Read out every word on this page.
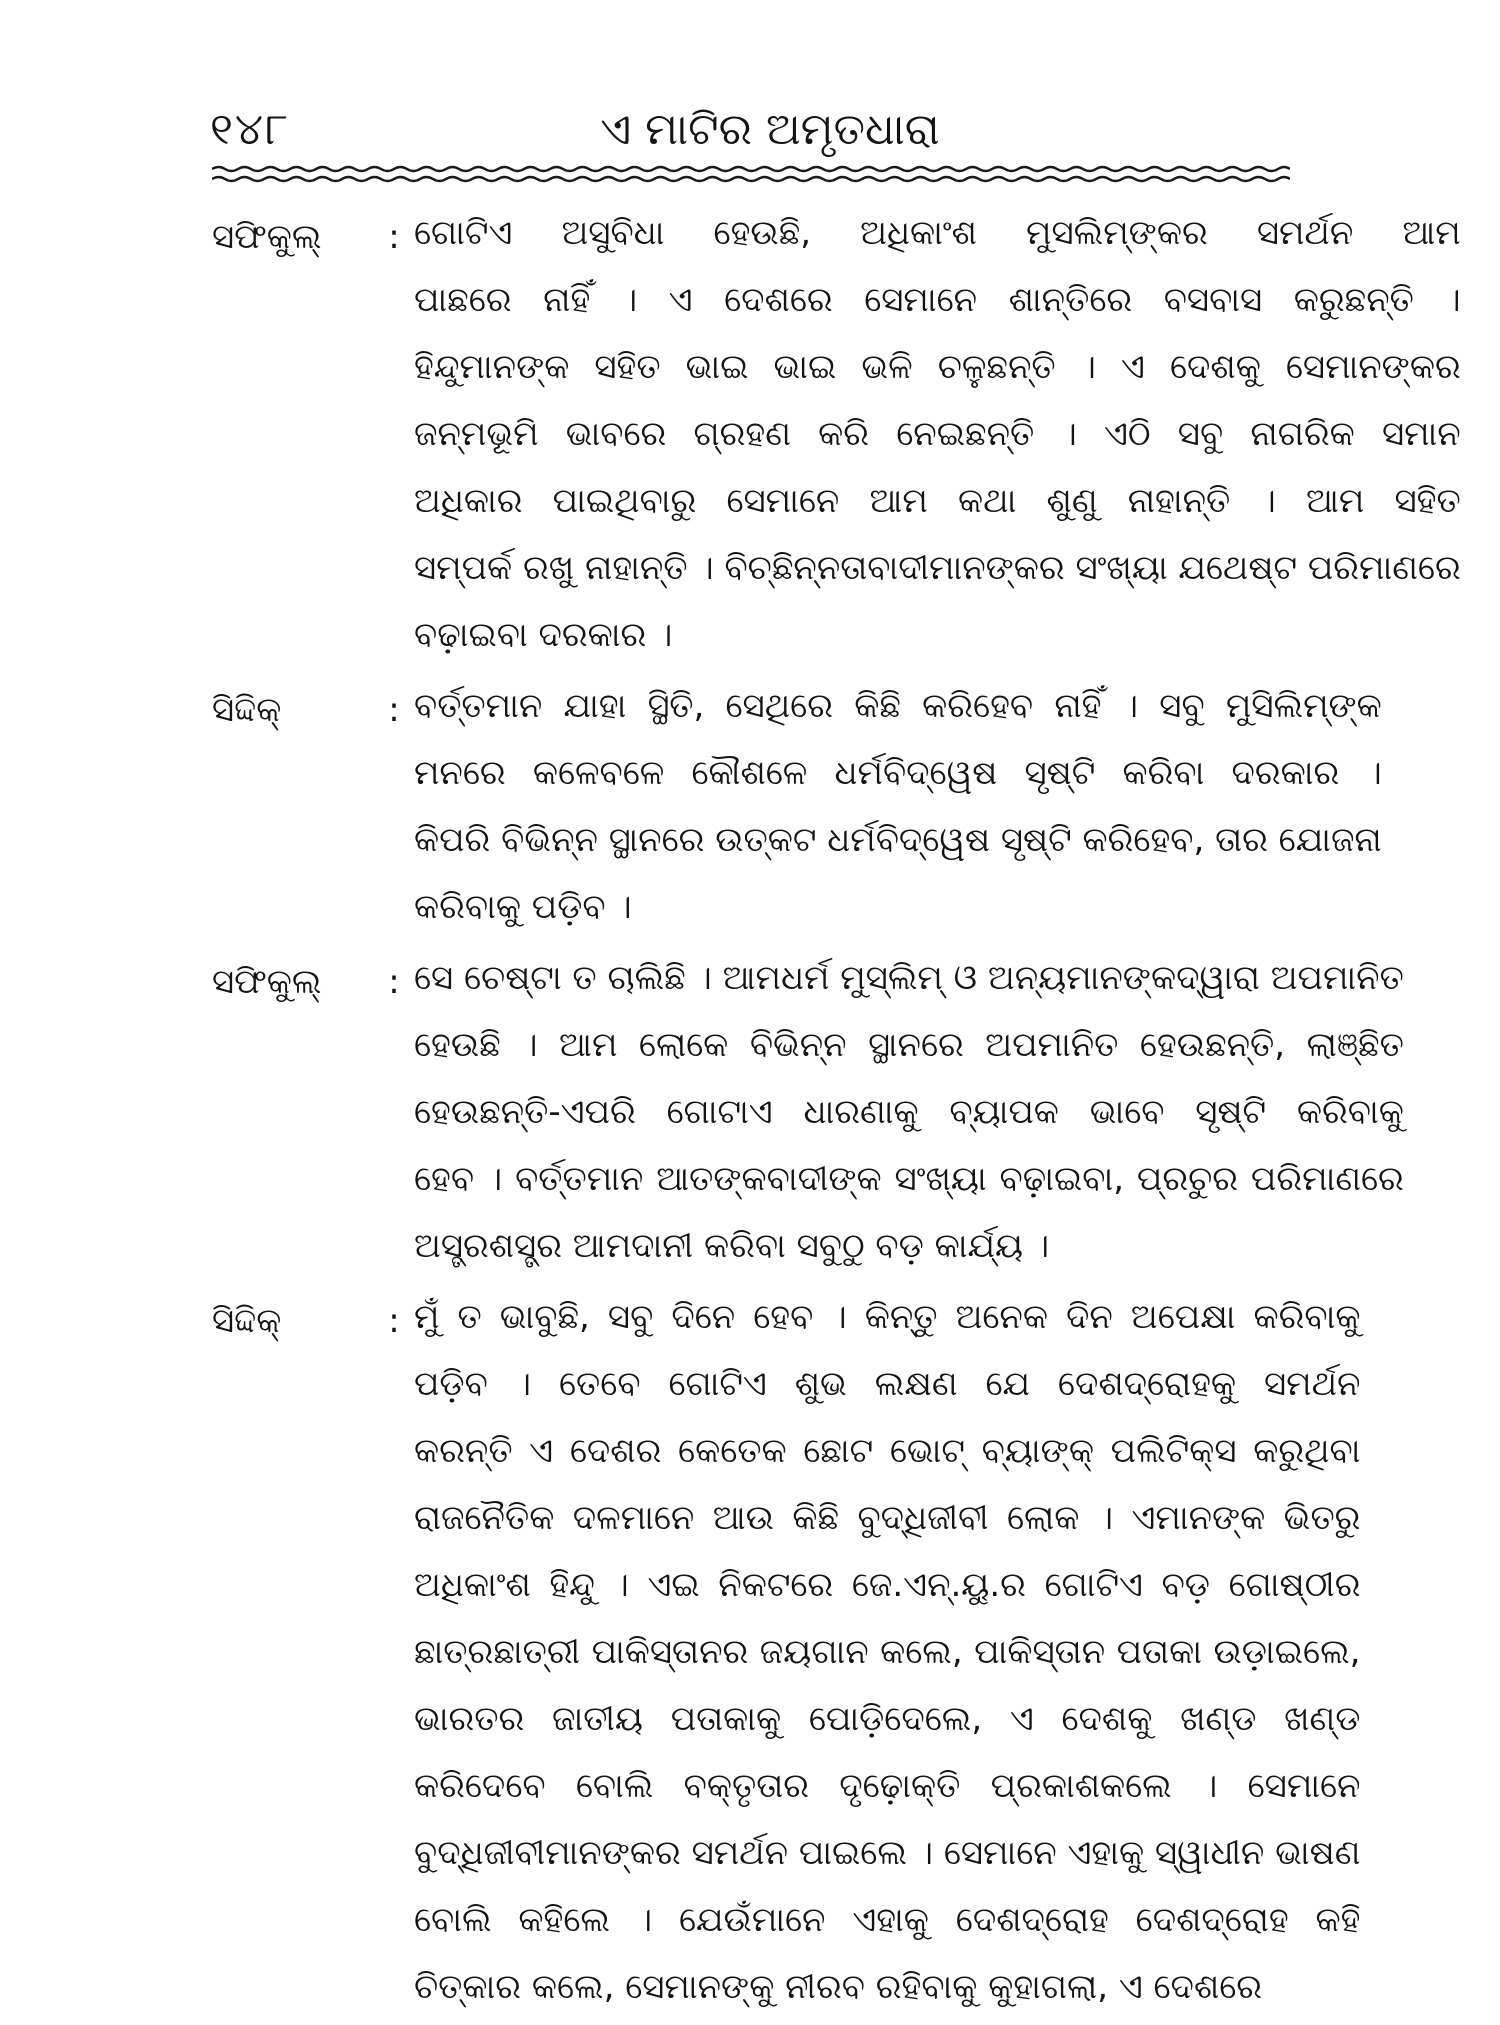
୧୪୮	ଏ ମାଟିର ଅମୃତଧାରା
ସଫିକୁଲ୍	: ଗୋଟିଏ ଅସୁବିଧା ହେଉଛି, ଅଧିକାଂଶ ମୁସଲିମ୍‌ଙ୍କର ସମର୍ଥନ ଆମ
ପାଛରେ ନାହିଁ । ଏ ଦେଶରେ ସେମାନେ ଶାନ୍ତିରେ ବସବାସ କରୁଛନ୍ତି ।
ହିନ୍ଦୁମାନଙ୍କ ସହିତ ଭାଇ ଭାଇ ଭଳି ଚଳୁଛନ୍ତି । ଏ ଦେଶକୁ ସେମାନଙ୍କର
ଜନ୍ମଭୂମି ଭାବରେ ଗ୍ରହଣ କରି ନେଇଛନ୍ତି । ଏଠି ସବୁ ନାଗରିକ ସମାନ
ଅଧିକାର ପାଇଥିବାରୁ ସେମାନେ ଆମ କଥା ଶୁଣୁ ନାହାନ୍ତି । ଆମ ସହିତ
ସମ୍ପର୍କ ରଖୁ ନାହାନ୍ତି । ବିଚ୍ଛିନ୍ନତାବାଦୀମାନଙ୍କର ସଂଖ୍ୟା ଯଥେଷ୍ଟ ପରିମାଣରେ
ବଢ଼ାଇବା ଦରକାର ।
ସିଦ୍ଦିକ୍	: ବର୍ତ୍ତମାନ ଯାହା ସ୍ଥିତି, ସେଥିରେ କିଛି କରିହେବ ନାହିଁ । ସବୁ ମୁସିଲିମ୍‌ଙ୍କ
ମନରେ କଳେବଳେ କୌଶଳେ ଧର୍ମବିଦ୍ୱେଷ ସୃଷ୍ଟି କରିବା ଦରକାର ।
କିପରି ବିଭିନ୍ନ ସ୍ଥାନରେ ଉତ୍କଟ ଧର୍ମବିଦ୍ୱେଷ ସୃଷ୍ଟି କରିହେବ, ତାର ଯୋଜନା
କରିବାକୁ ପଡ଼ିବ ।
ସଫିକୁଲ୍	: ସେ ଚେଷ୍ଟା ତ ଚାଲିଛି । ଆମଧର୍ମ ମୁସ୍‌ଲିମ୍ ଓ ଅନ୍ୟମାନଙ୍କଦ୍ୱାରା ଅପମାନିତ
ହେଉଛି । ଆମ ଲୋକେ ବିଭିନ୍ନ ସ୍ଥାନରେ ଅପମାନିତ ହେଉଛନ୍ତି, ଲାଞ୍ଛିତ
ହେଉଛନ୍ତି-ଏପରି ଗୋଟାଏ ଧାରଣାକୁ ବ୍ୟାପକ ଭାବେ ସୃଷ୍ଟି କରିବାକୁ
ହେବ । ବର୍ତ୍ତମାନ ଆତଙ୍କବାଦୀଙ୍କ ସଂଖ୍ୟା ବଢ଼ାଇବା, ପ୍ରଚୁର ପରିମାଣରେ
ଅସ୍ତ୍ରଶସ୍ତ୍ର ଆମଦାନୀ କରିବା ସବୁଠୁ ବଡ଼ କାର୍ଯ୍ୟ ।
ସିଦ୍ଦିକ୍	: ମୁଁ ତ ଭାବୁଛି, ସବୁ ଦିନେ ହେବ । କିନ୍ତୁ ଅନେକ ଦିନ ଅପେକ୍ଷା କରିବାକୁ
ପଡ଼ିବ । ତେବେ ଗୋଟିଏ ଶୁଭ ଲକ୍ଷଣ ଯେ ଦେଶଦ୍ରୋହକୁ ସମର୍ଥନ
କରନ୍ତି ଏ ଦେଶର କେତେକ ଛୋଟ ଭୋଟ୍ ବ୍ୟାଙ୍କ୍ ପଲିଟିକ୍ସ କରୁଥିବା
ରାଜନୈତିକ ଦଳମାନେ ଆଉ କିଛି ବୁଦ୍ଧିଜୀବୀ ଲୋକ । ଏମାନଙ୍କ ଭିତରୁ
ଅଧିକାଂଶ ହିନ୍ଦୁ । ଏଇ ନିକଟରେ ଜେ.ଏନ୍.ୟୁ.ର ଗୋଟିଏ ବଡ଼ ଗୋଷ୍ଠୀର
ଛାତ୍ରଛାତ୍ରୀ ପାକିସ୍ତାନର ଜୟଗାନ କଲେ, ପାକିସ୍ତାନ ପତାକା ଉଡ଼ାଇଲେ,
ଭାରତର ଜାତୀୟ ପତାକାକୁ ପୋଡ଼ିଦେଲେ, ଏ ଦେଶକୁ ଖଣ୍ଡ ଖଣ୍ଡ
କରିଦେବେ ବୋଲି ବକ୍ତୃତାର ଦୃଢ଼ୋକ୍ତି ପ୍ରକାଶକଲେ । ସେମାନେ
ବୁଦ୍ଧିଜୀବୀମାନଙ୍କର ସମର୍ଥନ ପାଇଲେ । ସେମାନେ ଏହାକୁ ସ୍ୱାଧୀନ ଭାଷଣ
ବୋଲି କହିଲେ । ଯେଉଁମାନେ ଏହାକୁ ଦେଶଦ୍ରୋହ ଦେଶଦ୍ରୋହ କହି
ଚିତ୍କାର କଲେ, ସେମାନଙ୍କୁ ନୀରବ ରହିବାକୁ କୁହାଗଲା, ଏ ଦେଶରେ
